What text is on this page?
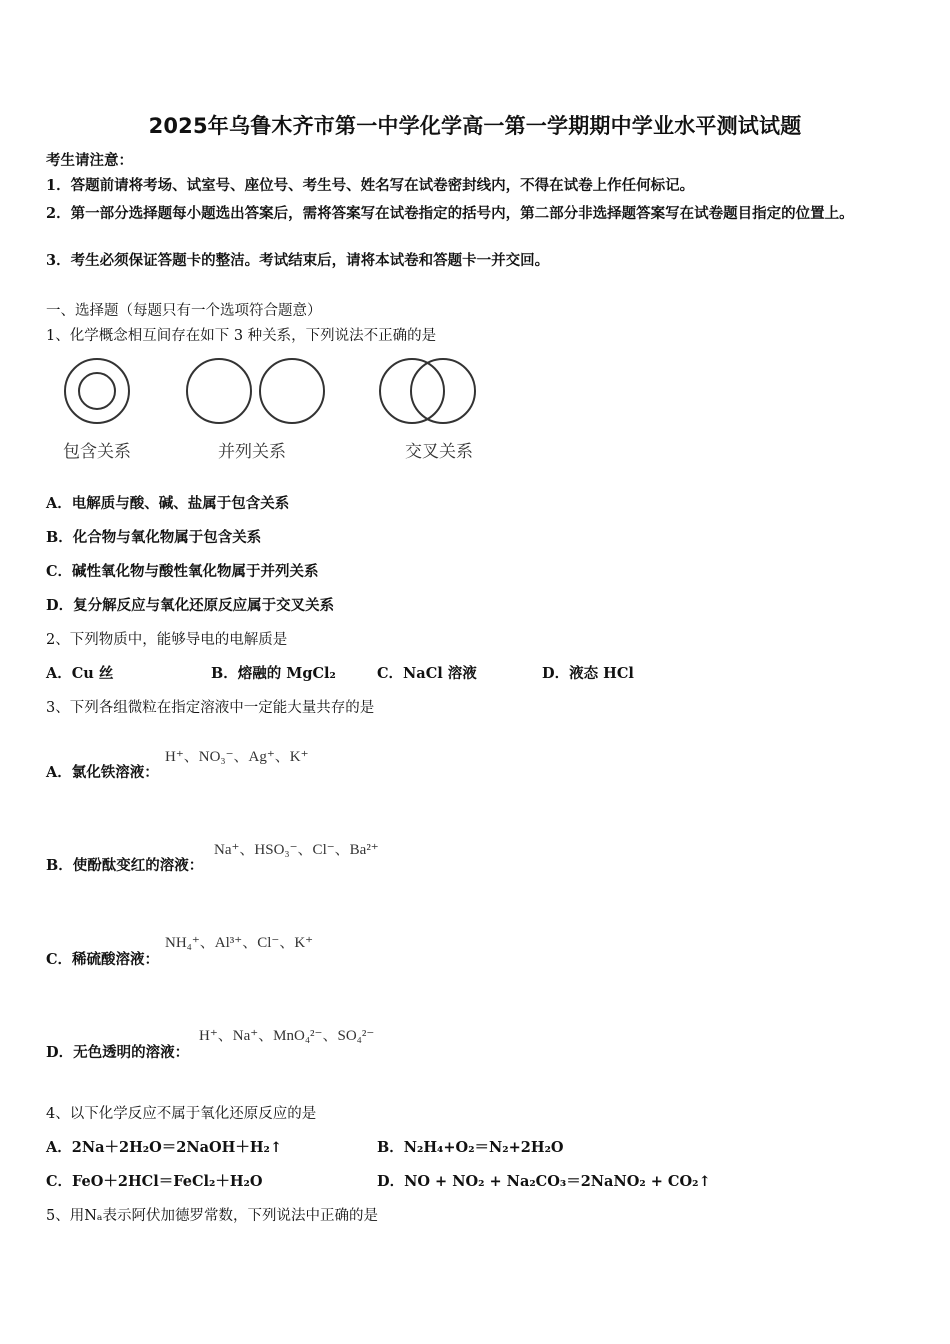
2025年乌鲁木齐市第一中学化学高一第一学期期中学业水平测试试题
考生请注意：
1．答题前请将考场、试室号、座位号、考生号、姓名写在试卷密封线内，不得在试卷上作任何标记。
2．第一部分选择题每小题选出答案后，需将答案写在试卷指定的括号内，第二部分非选择题答案写在试卷题目指定的位置上。
3．考生必须保证答题卡的整洁。考试结束后，请将本试卷和答题卡一并交回。
一、选择题（每题只有一个选项符合题意）
1、化学概念相互间存在如下 3 种关系，下列说法不正确的是
包含关系	并列关系	交叉关系
A．电解质与酸、碱、盐属于包含关系
B．化合物与氧化物属于包含关系
C．碱性氧化物与酸性氧化物属于并列关系
D．复分解反应与氧化还原反应属于交叉关系
2、下列物质中，能够导电的电解质是
A．Cu 丝	B．熔融的 MgCl₂	C．NaCl 溶液	D．液态 HCl
3、下列各组微粒在指定溶液中一定能大量共存的是
H⁺、NO₃⁻、Ag⁺、K⁺
A．氯化铁溶液：
Na⁺、HSO₃⁻、Cl⁻、Ba²⁺
B．使酚酞变红的溶液：
NH₄⁺、Al³⁺、Cl⁻、K⁺
C．稀硫酸溶液：
H⁺、Na⁺、MnO₄²⁻、SO₄²⁻
D．无色透明的溶液：
4、以下化学反应不属于氧化还原反应的是
A．2Na＋2H₂O＝2NaOH＋H₂↑	B．N₂H₄+O₂＝N₂+2H₂O
C．FeO＋2HCl＝FeCl₂＋H₂O	D．NO + NO₂ + Na₂CO₃＝2NaNO₂ + CO₂↑
5、用Nₐ表示阿伏加德罗常数，下列说法中正确的是
